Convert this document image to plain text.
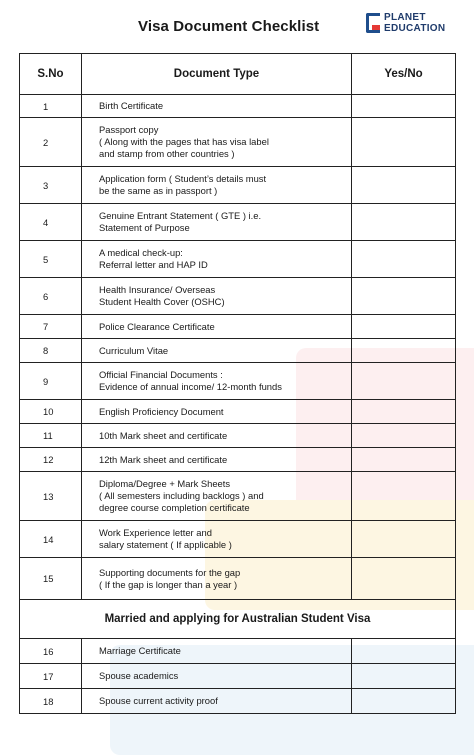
Visa Document Checklist
PLANET
EDUCATION
S.No	Document Type	Yes/No
1	Birth Certificate	

2	Passport copy
( Along with the pages that has visa label
and stamp from other countries )	

3	Application form ( Student’s details must
be the same as in passport )	

4	Genuine Entrant Statement ( GTE ) i.e.
Statement of Purpose	

5	A medical check-up:
Referral letter and HAP ID	

6	Health Insurance/ Overseas
Student Health Cover (OSHC)	

7	Police Clearance Certificate	

8	Curriculum Vitae	

9	Official Financial Documents :
Evidence of annual income/ 12-month funds	

10	English Proficiency Document	

11	10th Mark sheet and certificate	

12	12th Mark sheet and certificate	

13	Diploma/Degree + Mark Sheets
( All semesters including backlogs ) and
degree course completion certificate	

14	Work Experience letter and
salary statement ( If applicable )	

15	Supporting documents for the gap
( If the gap is longer than a year )	

Married and applying for Australian Student Visa		
16	Marriage Certificate	

17	Spouse academics	

18	Spouse current activity proof	
